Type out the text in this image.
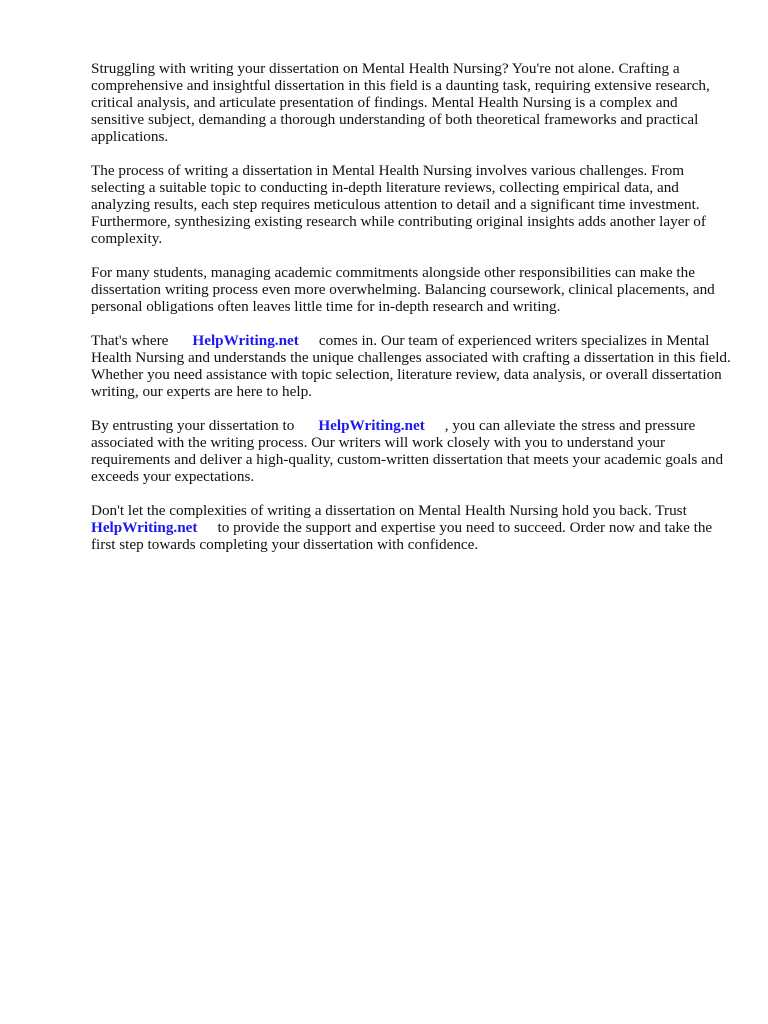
Struggling with writing your dissertation on Mental Health Nursing? You're not alone. Crafting a comprehensive and insightful dissertation in this field is a daunting task, requiring extensive research, critical analysis, and articulate presentation of findings. Mental Health Nursing is a complex and sensitive subject, demanding a thorough understanding of both theoretical frameworks and practical applications.

The process of writing a dissertation in Mental Health Nursing involves various challenges. From selecting a suitable topic to conducting in-depth literature reviews, collecting empirical data, and analyzing results, each step requires meticulous attention to detail and a significant time investment. Furthermore, synthesizing existing research while contributing original insights adds another layer of complexity.

For many students, managing academic commitments alongside other responsibilities can make the dissertation writing process even more overwhelming. Balancing coursework, clinical placements, and personal obligations often leaves little time for in-depth research and writing.

That's where HelpWriting.net comes in. Our team of experienced writers specializes in Mental Health Nursing and understands the unique challenges associated with crafting a dissertation in this field. Whether you need assistance with topic selection, literature review, data analysis, or overall dissertation writing, our experts are here to help.

By entrusting your dissertation to HelpWriting.net , you can alleviate the stress and pressure associated with the writing process. Our writers will work closely with you to understand your requirements and deliver a high-quality, custom-written dissertation that meets your academic goals and exceeds your expectations.

Don't let the complexities of writing a dissertation on Mental Health Nursing hold you back. Trust HelpWriting.net to provide the support and expertise you need to succeed. Order now and take the first step towards completing your dissertation with confidence.
